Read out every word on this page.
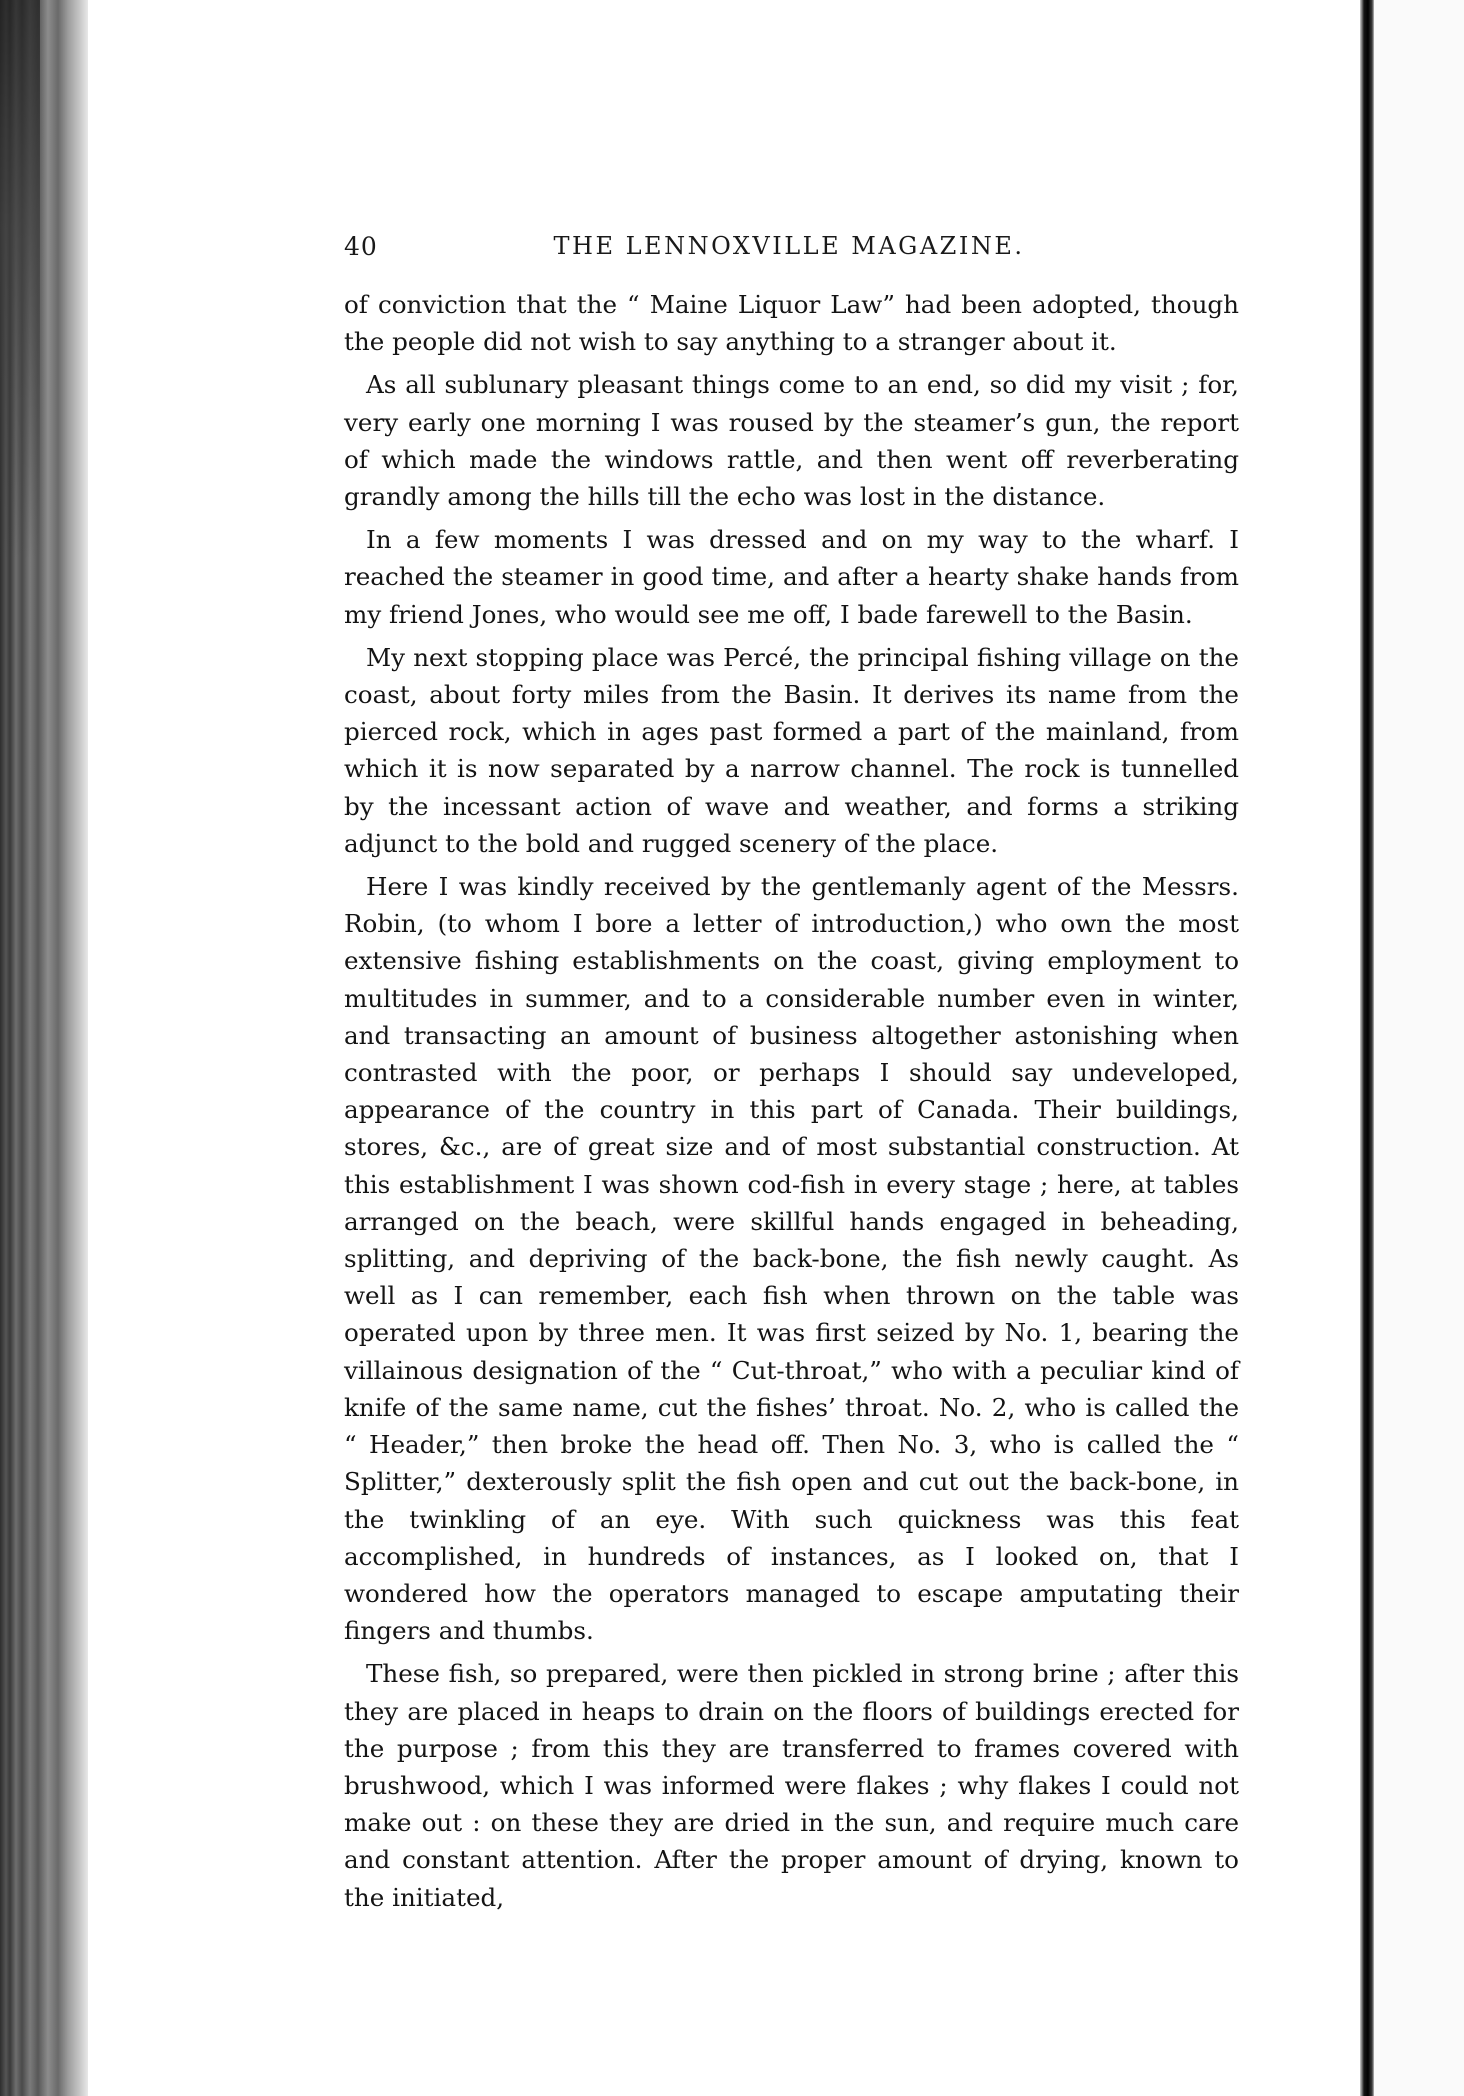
40	THE LENNOXVILLE MAGAZINE.

of conviction that the “ Maine Liquor Law” had been adopted, though the people did not wish to say anything to a stranger about it.

As all sublunary pleasant things come to an end, so did my visit ; for, very early one morning I was roused by the steamer’s gun, the report of which made the windows rattle, and then went off reverberating grandly among the hills till the echo was lost in the distance.

In a few moments I was dressed and on my way to the wharf. I reached the steamer in good time, and after a hearty shake hands from my friend Jones, who would see me off, I bade farewell to the Basin.

My next stopping place was Percé, the principal fishing village on the coast, about forty miles from the Basin. It derives its name from the pierced rock, which in ages past formed a part of the mainland, from which it is now separated by a narrow channel. The rock is tunnelled by the incessant action of wave and weather, and forms a striking adjunct to the bold and rugged scenery of the place.

Here I was kindly received by the gentlemanly agent of the Messrs. Robin, (to whom I bore a letter of introduction,) who own the most extensive fishing establishments on the coast, giving employment to multitudes in summer, and to a considerable number even in winter, and transacting an amount of business altogether astonishing when contrasted with the poor, or perhaps I should say undeveloped, appearance of the country in this part of Canada. Their buildings, stores, &c., are of great size and of most substantial construction. At this establishment I was shown cod-fish in every stage ; here, at tables arranged on the beach, were skillful hands engaged in beheading, splitting, and depriving of the back-bone, the fish newly caught. As well as I can remember, each fish when thrown on the table was operated upon by three men. It was first seized by No. 1, bearing the villainous designation of the “ Cut-throat,” who with a peculiar kind of knife of the same name, cut the fishes’ throat. No. 2, who is called the “ Header,” then broke the head off. Then No. 3, who is called the “ Splitter,” dexterously split the fish open and cut out the back-bone, in the twinkling of an eye. With such quickness was this feat accomplished, in hundreds of instances, as I looked on, that I wondered how the operators managed to escape amputating their fingers and thumbs.

These fish, so prepared, were then pickled in strong brine ; after this they are placed in heaps to drain on the floors of buildings erected for the purpose ; from this they are transferred to frames covered with brushwood, which I was informed were flakes ; why flakes I could not make out : on these they are dried in the sun, and require much care and constant attention. After the proper amount of drying, known to the initiated,
